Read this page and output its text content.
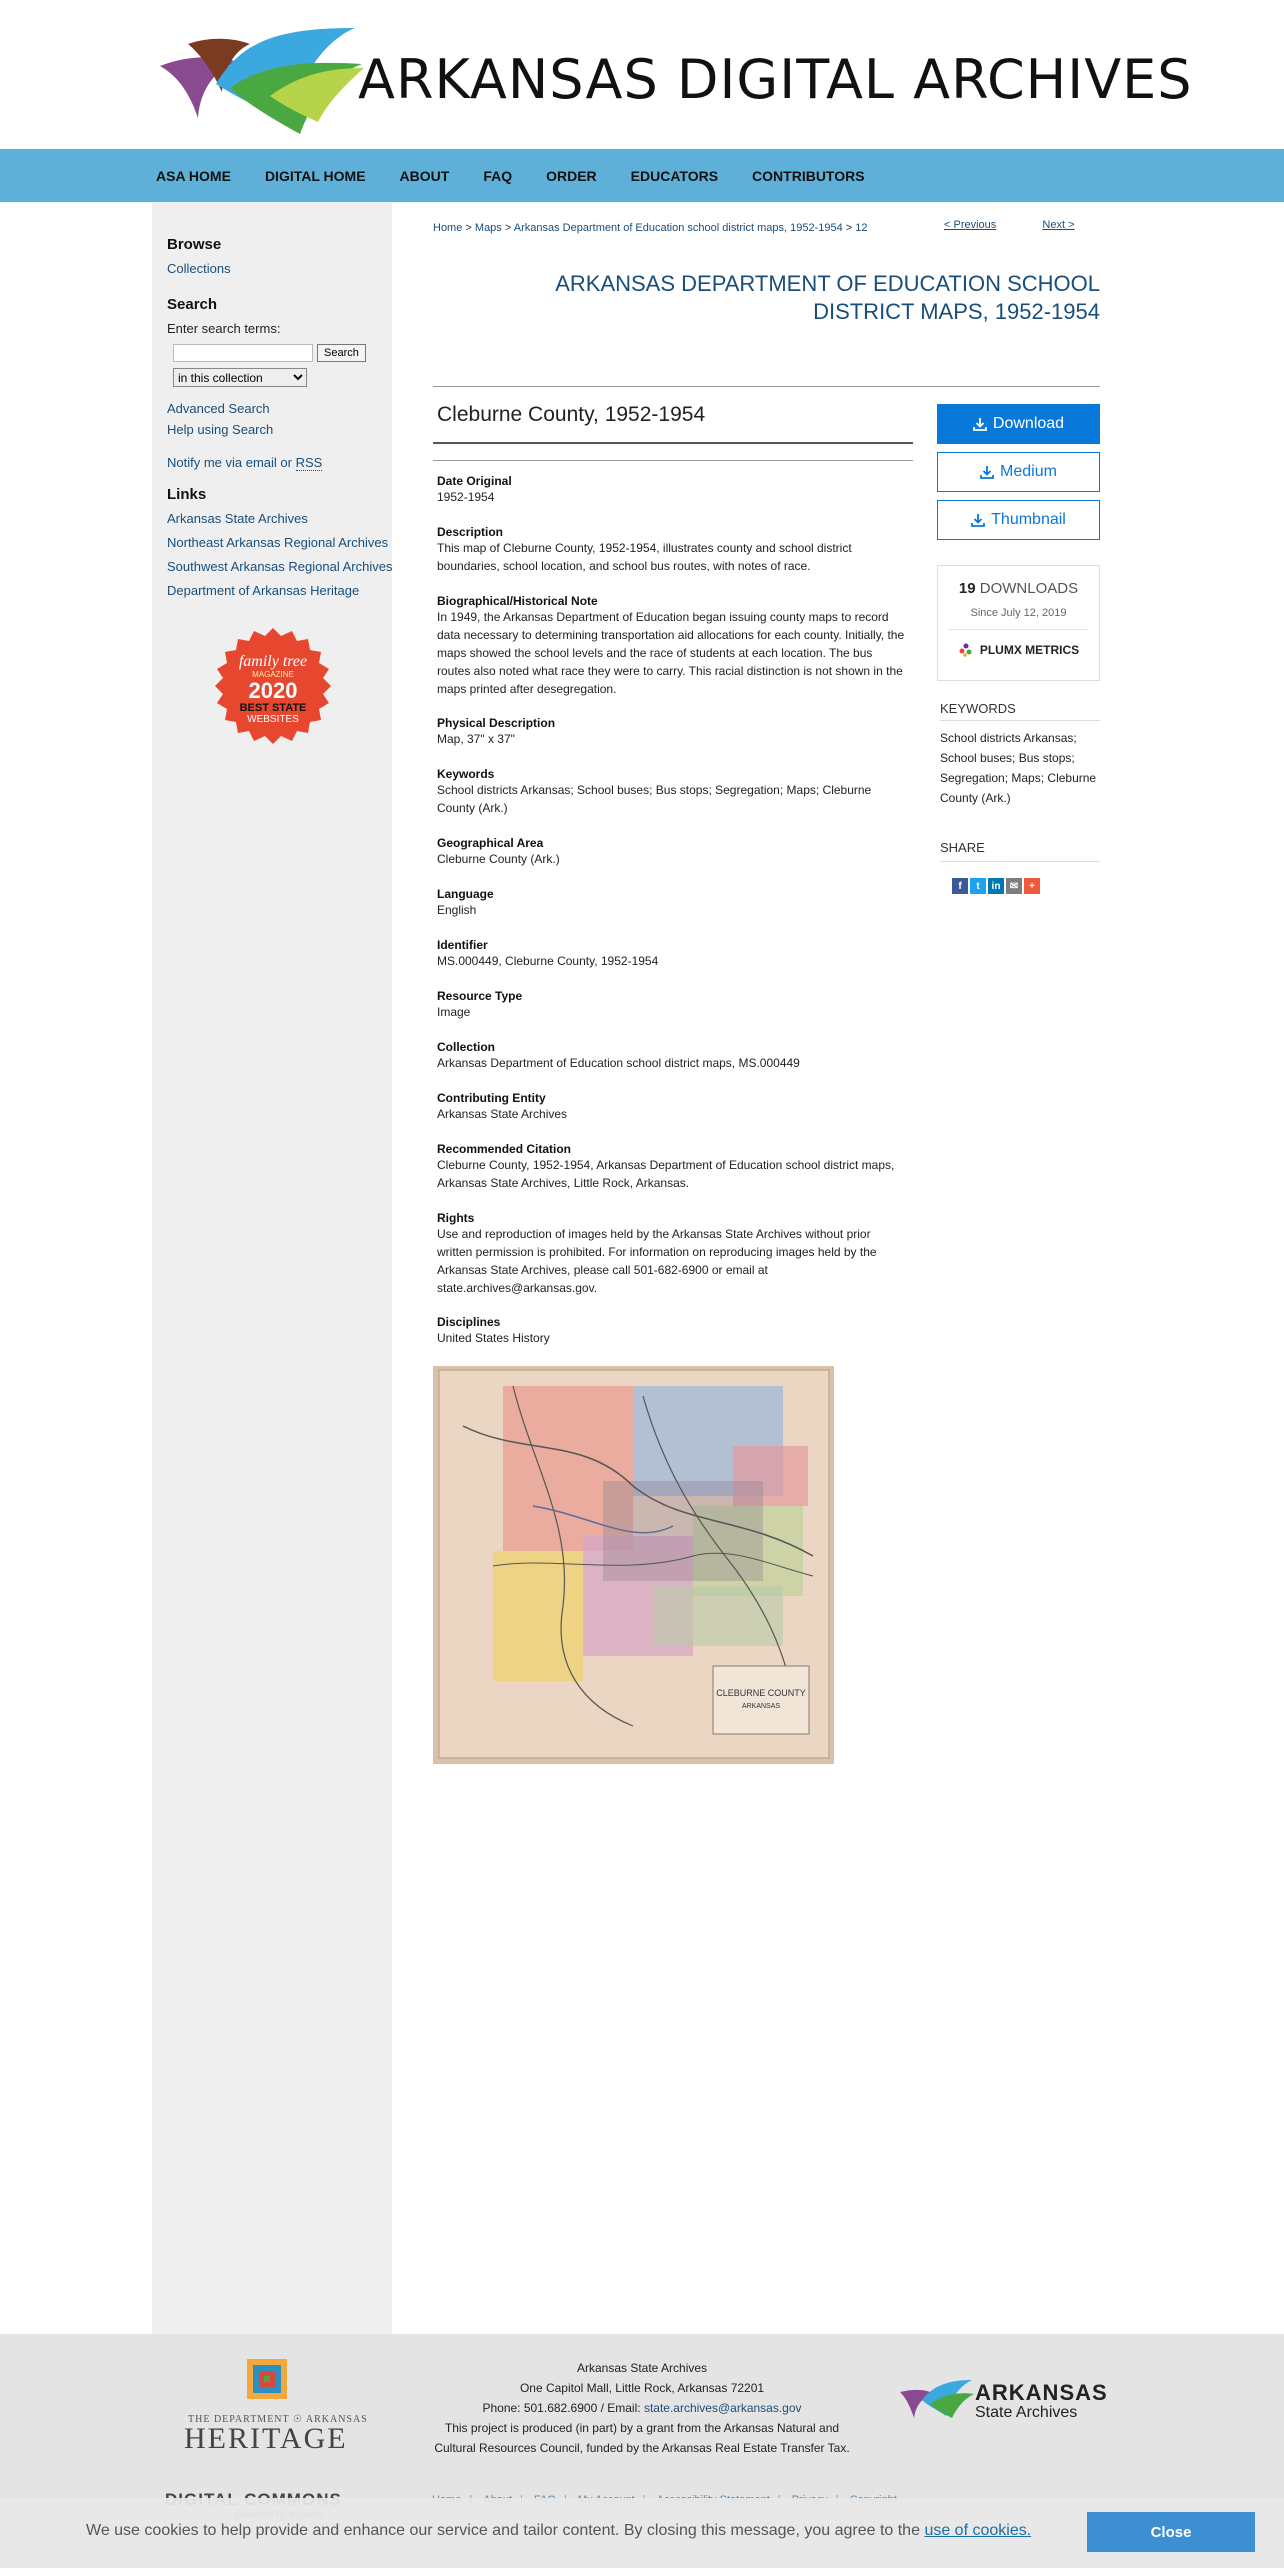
ARKANSAS DIGITAL ARCHIVES
ASA HOME DIGITAL HOME ABOUT FAQ ORDER EDUCATORS CONTRIBUTORS
Browse
Collections
Search
Enter search terms:
Search
in this collection
Advanced Search
Help using Search
Notify me via email or RSS
Links
Arkansas State Archives
Northeast Arkansas Regional Archives
Southwest Arkansas Regional Archives
Department of Arkansas Heritage
family tree
MAGAZINE
2020
BEST STATE
WEBSITES
Home > Maps > Arkansas Department of Education school district maps, 1952-1954 > 12	< Previous	Next >
ARKANSAS DEPARTMENT OF EDUCATION SCHOOL
DISTRICT MAPS, 1952-1954
Cleburne County, 1952-1954
Date Original
1952-1954
Description
This map of Cleburne County, 1952-1954, illustrates county and school district boundaries, school location, and school bus routes, with notes of race.
Biographical/Historical Note
In 1949, the Arkansas Department of Education began issuing county maps to record data necessary to determining transportation aid allocations for each county. Initially, the maps showed the school levels and the race of students at each location. The bus routes also noted what race they were to carry. This racial distinction is not shown in the maps printed after desegregation.
Physical Description
Map, 37" x 37"
Keywords
School districts Arkansas; School buses; Bus stops; Segregation; Maps; Cleburne County (Ark.)
Geographical Area
Cleburne County (Ark.)
Language
English
Identifier
MS.000449, Cleburne County, 1952-1954
Resource Type
Image
Collection
Arkansas Department of Education school district maps, MS.000449
Contributing Entity
Arkansas State Archives
Recommended Citation
Cleburne County, 1952-1954, Arkansas Department of Education school district maps, Arkansas State Archives, Little Rock, Arkansas.
Rights
Use and reproduction of images held by the Arkansas State Archives without prior written permission is prohibited. For information on reproducing images held by the Arkansas State Archives, please call 501-682-6900 or email at state.archives@arkansas.gov.
Disciplines
United States History
CLEBURNE COUNTY
ARKANSAS
Download
Medium
Thumbnail
19 DOWNLOADS
Since July 12, 2019
PLUMX METRICS
KEYWORDS
School districts Arkansas; School buses; Bus stops; Segregation; Maps; Cleburne County (Ark.)
SHARE
f	t	in ✉	+
THE DEPARTMENT ☉ ARKANSAS
HERITAGE
Arkansas State Archives
One Capitol Mall, Little Rock, Arkansas 72201
Phone: 501.682.6900 / Email: state.archives@arkansas.gov
This project is produced (in part) by a grant from the Arkansas Natural and
Cultural Resources Council, funded by the Arkansas Real Estate Transfer Tax.
ARKANSAS
State Archives
We use cookies to help provide and enhance our service and tailor content. By closing this message, you agree to the use of cookies.	Close
